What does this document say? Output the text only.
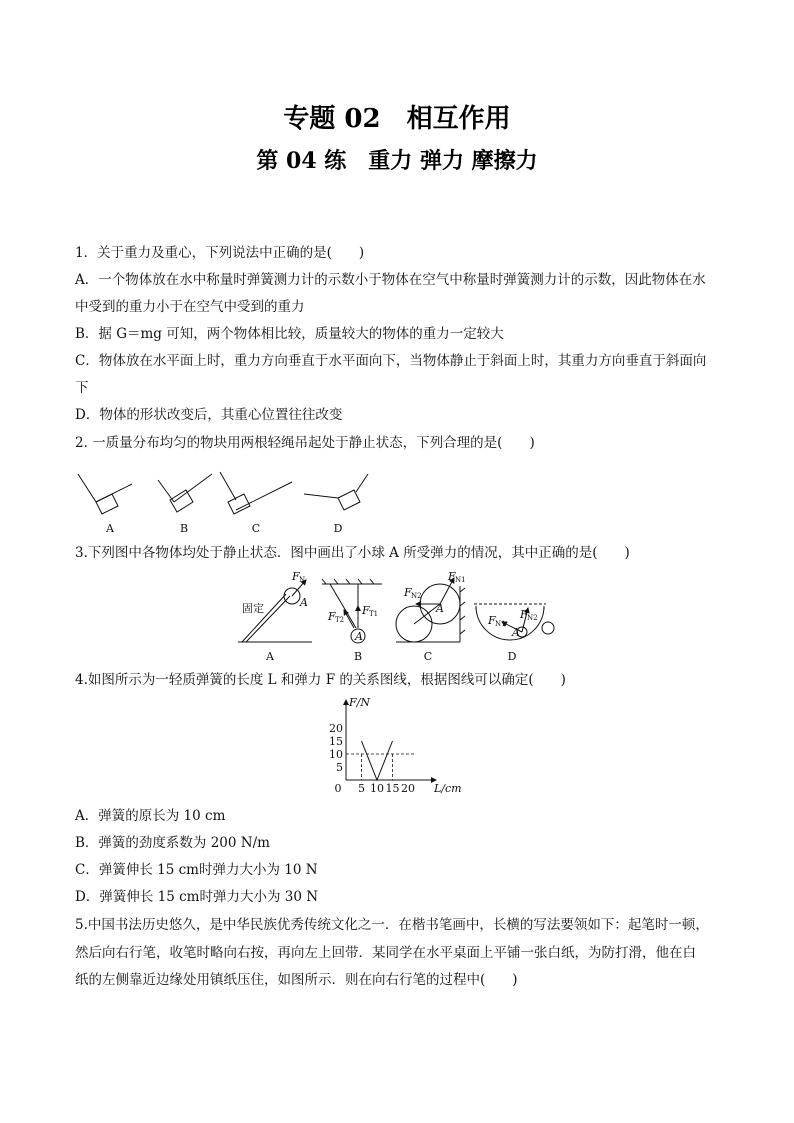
专题 02　相互作用
第 04 练　重力 弹力 摩擦力
1．关于重力及重心，下列说法中正确的是(　　)
A．一个物体放在水中称量时弹簧测力计的示数小于物体在空气中称量时弹簧测力计的示数，因此物体在水
中受到的重力小于在空气中受到的重力
B．据 G＝mg 可知，两个物体相比较，质量较大的物体的重力一定较大
C．物体放在水平面上时，重力方向垂直于水平面向下，当物体静止于斜面上时，其重力方向垂直于斜面向
下
D．物体的形状改变后，其重心位置往往改变
2. 一质量分布均匀的物块用两根轻绳吊起处于静止状态，下列合理的是(　　)
A	B	C	D
3.下列图中各物体均处于静止状态．图中画出了小球 A 所受弹力的情况，其中正确的是(　　)
固定	A
F N
A
A
F T1
F T2
B
A
F N1
F N2
C
A
F N1
F N2
D
4.如图所示为一轻质弹簧的长度 L 和弹力 F 的关系图线，根据图线可以确定(　　)
F/N
L/cm
0 5 10 15 20
5
10
15
20
A．弹簧的原长为 10 cm
B．弹簧的劲度系数为 200 N/m
C．弹簧伸长 15 cm时弹力大小为 10 N
D．弹簧伸长 15 cm时弹力大小为 30 N
5.中国书法历史悠久，是中华民族优秀传统文化之一．在楷书笔画中，长横的写法要领如下：起笔时一顿，
然后向右行笔，收笔时略向右按，再向左上回带．某同学在水平桌面上平铺一张白纸，为防打滑，他在白
纸的左侧靠近边缘处用镇纸压住，如图所示．则在向右行笔的过程中(　　)
